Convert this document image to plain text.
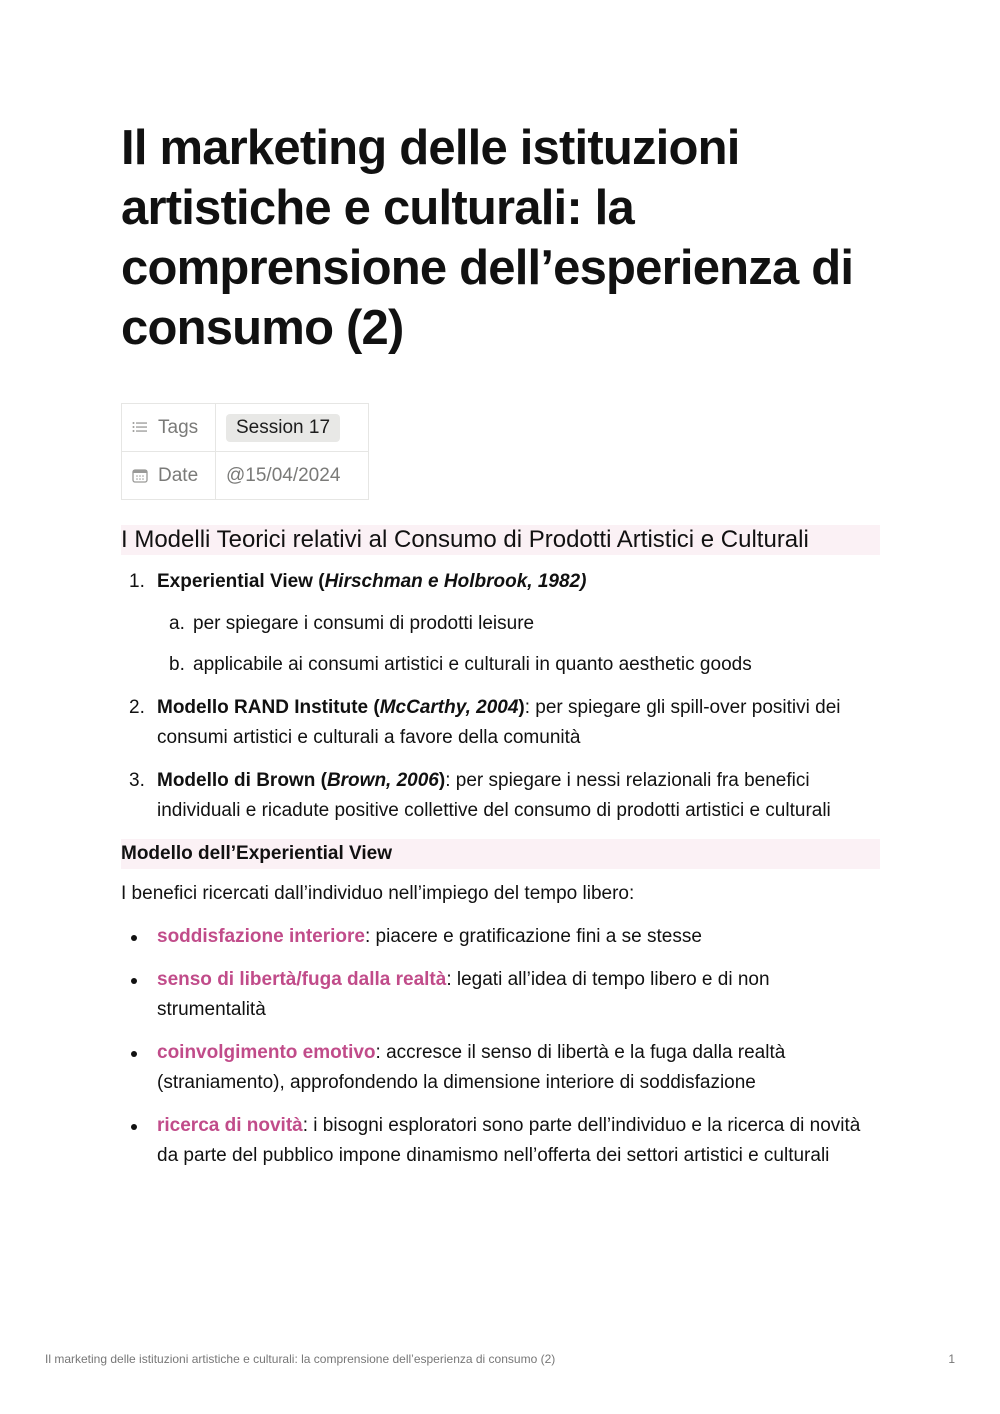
Il marketing delle istituzioni artistiche e culturali: la comprensione dell’esperienza di consumo (2)
Tags	Session 17

Date	@15/04/2024
I Modelli Teorici relativi al Consumo di Prodotti Artistici e Culturali
1. Experiential View (Hirschman e Holbrook, 1982)
a. per spiegare i consumi di prodotti leisure
b. applicabile ai consumi artistici e culturali in quanto aesthetic goods
2. Modello RAND Institute (McCarthy, 2004): per spiegare gli spill-over positivi dei consumi artistici e culturali a favore della comunità
3. Modello di Brown (Brown, 2006): per spiegare i nessi relazionali fra benefici individuali e ricadute positive collettive del consumo di prodotti artistici e culturali
Modello dell’Experiential View

I benefici ricercati dall’individuo nell’impiego del tempo libero:

soddisfazione interiore: piacere e gratificazione fini a se stesse
senso di libertà/fuga dalla realtà: legati all’idea di tempo libero e di non strumentalità
coinvolgimento emotivo: accresce il senso di libertà e la fuga dalla realtà (straniamento), approfondendo la dimensione interiore di soddisfazione
ricerca di novità: i bisogni esploratori sono parte dell’individuo e la ricerca di novità da parte del pubblico impone dinamismo nell’offerta dei settori artistici e culturali
Il marketing delle istituzioni artistiche e culturali: la comprensione dell’esperienza di consumo (2)	1
